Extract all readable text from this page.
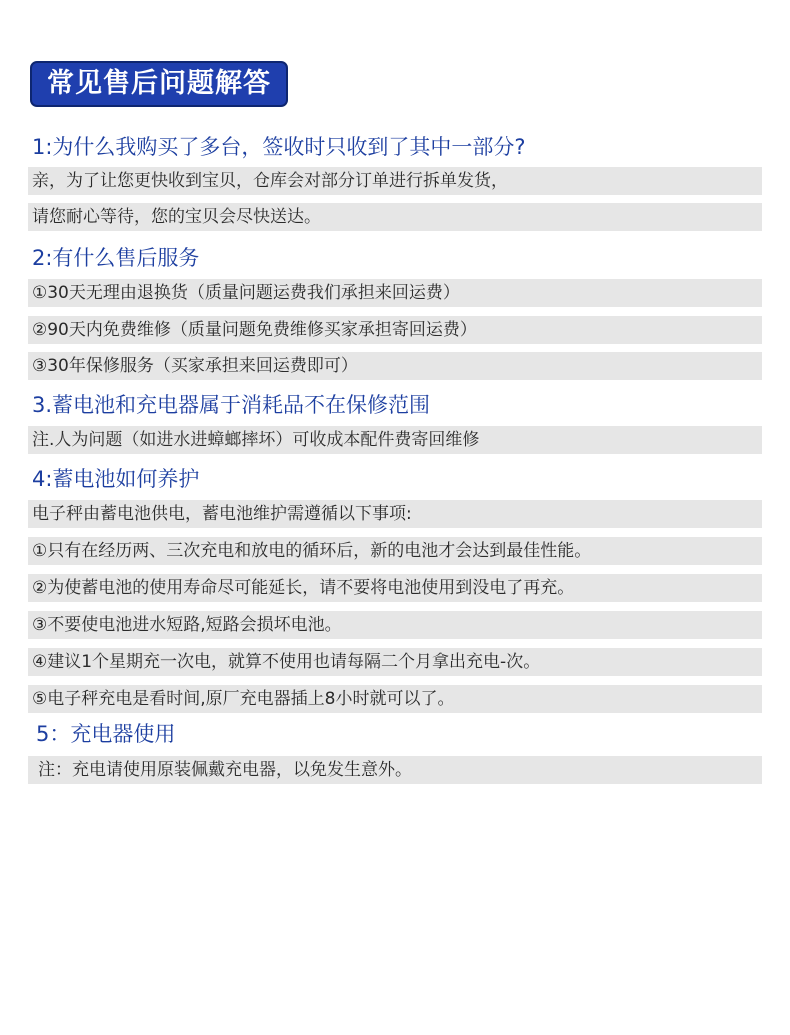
常见售后问题解答
1:为什么我购买了多台，签收时只收到了其中一部分?
亲，为了让您更快收到宝贝，仓库会对部分订单进行拆单发货，
请您耐心等待，您的宝贝会尽快送达。
2:有什么售后服务
①30天无理由退换货（质量问题运费我们承担来回运费）
②90天内免费维修（质量问题免费维修买家承担寄回运费）
③30年保修服务（买家承担来回运费即可）
3.蓄电池和充电器属于消耗品不在保修范围
注.人为问题（如进水进蟑螂摔坏）可收成本配件费寄回维修
4:蓄电池如何养护
电子秤由蓄电池供电，蓄电池维护需遵循以下事项:
①只有在经历两、三次充电和放电的循环后，新的电池才会达到最佳性能。
②为使蓄电池的使用寿命尽可能延长，请不要将电池使用到没电了再充。
③不要使电池进水短路,短路会损坏电池。
④建议1个星期充一次电，就算不使用也请每隔二个月拿出充电-次。
⑤电子秤充电是看时间,原厂充电器插上8小时就可以了。
5：充电器使用
注：充电请使用原装佩戴充电器，以免发生意外。
